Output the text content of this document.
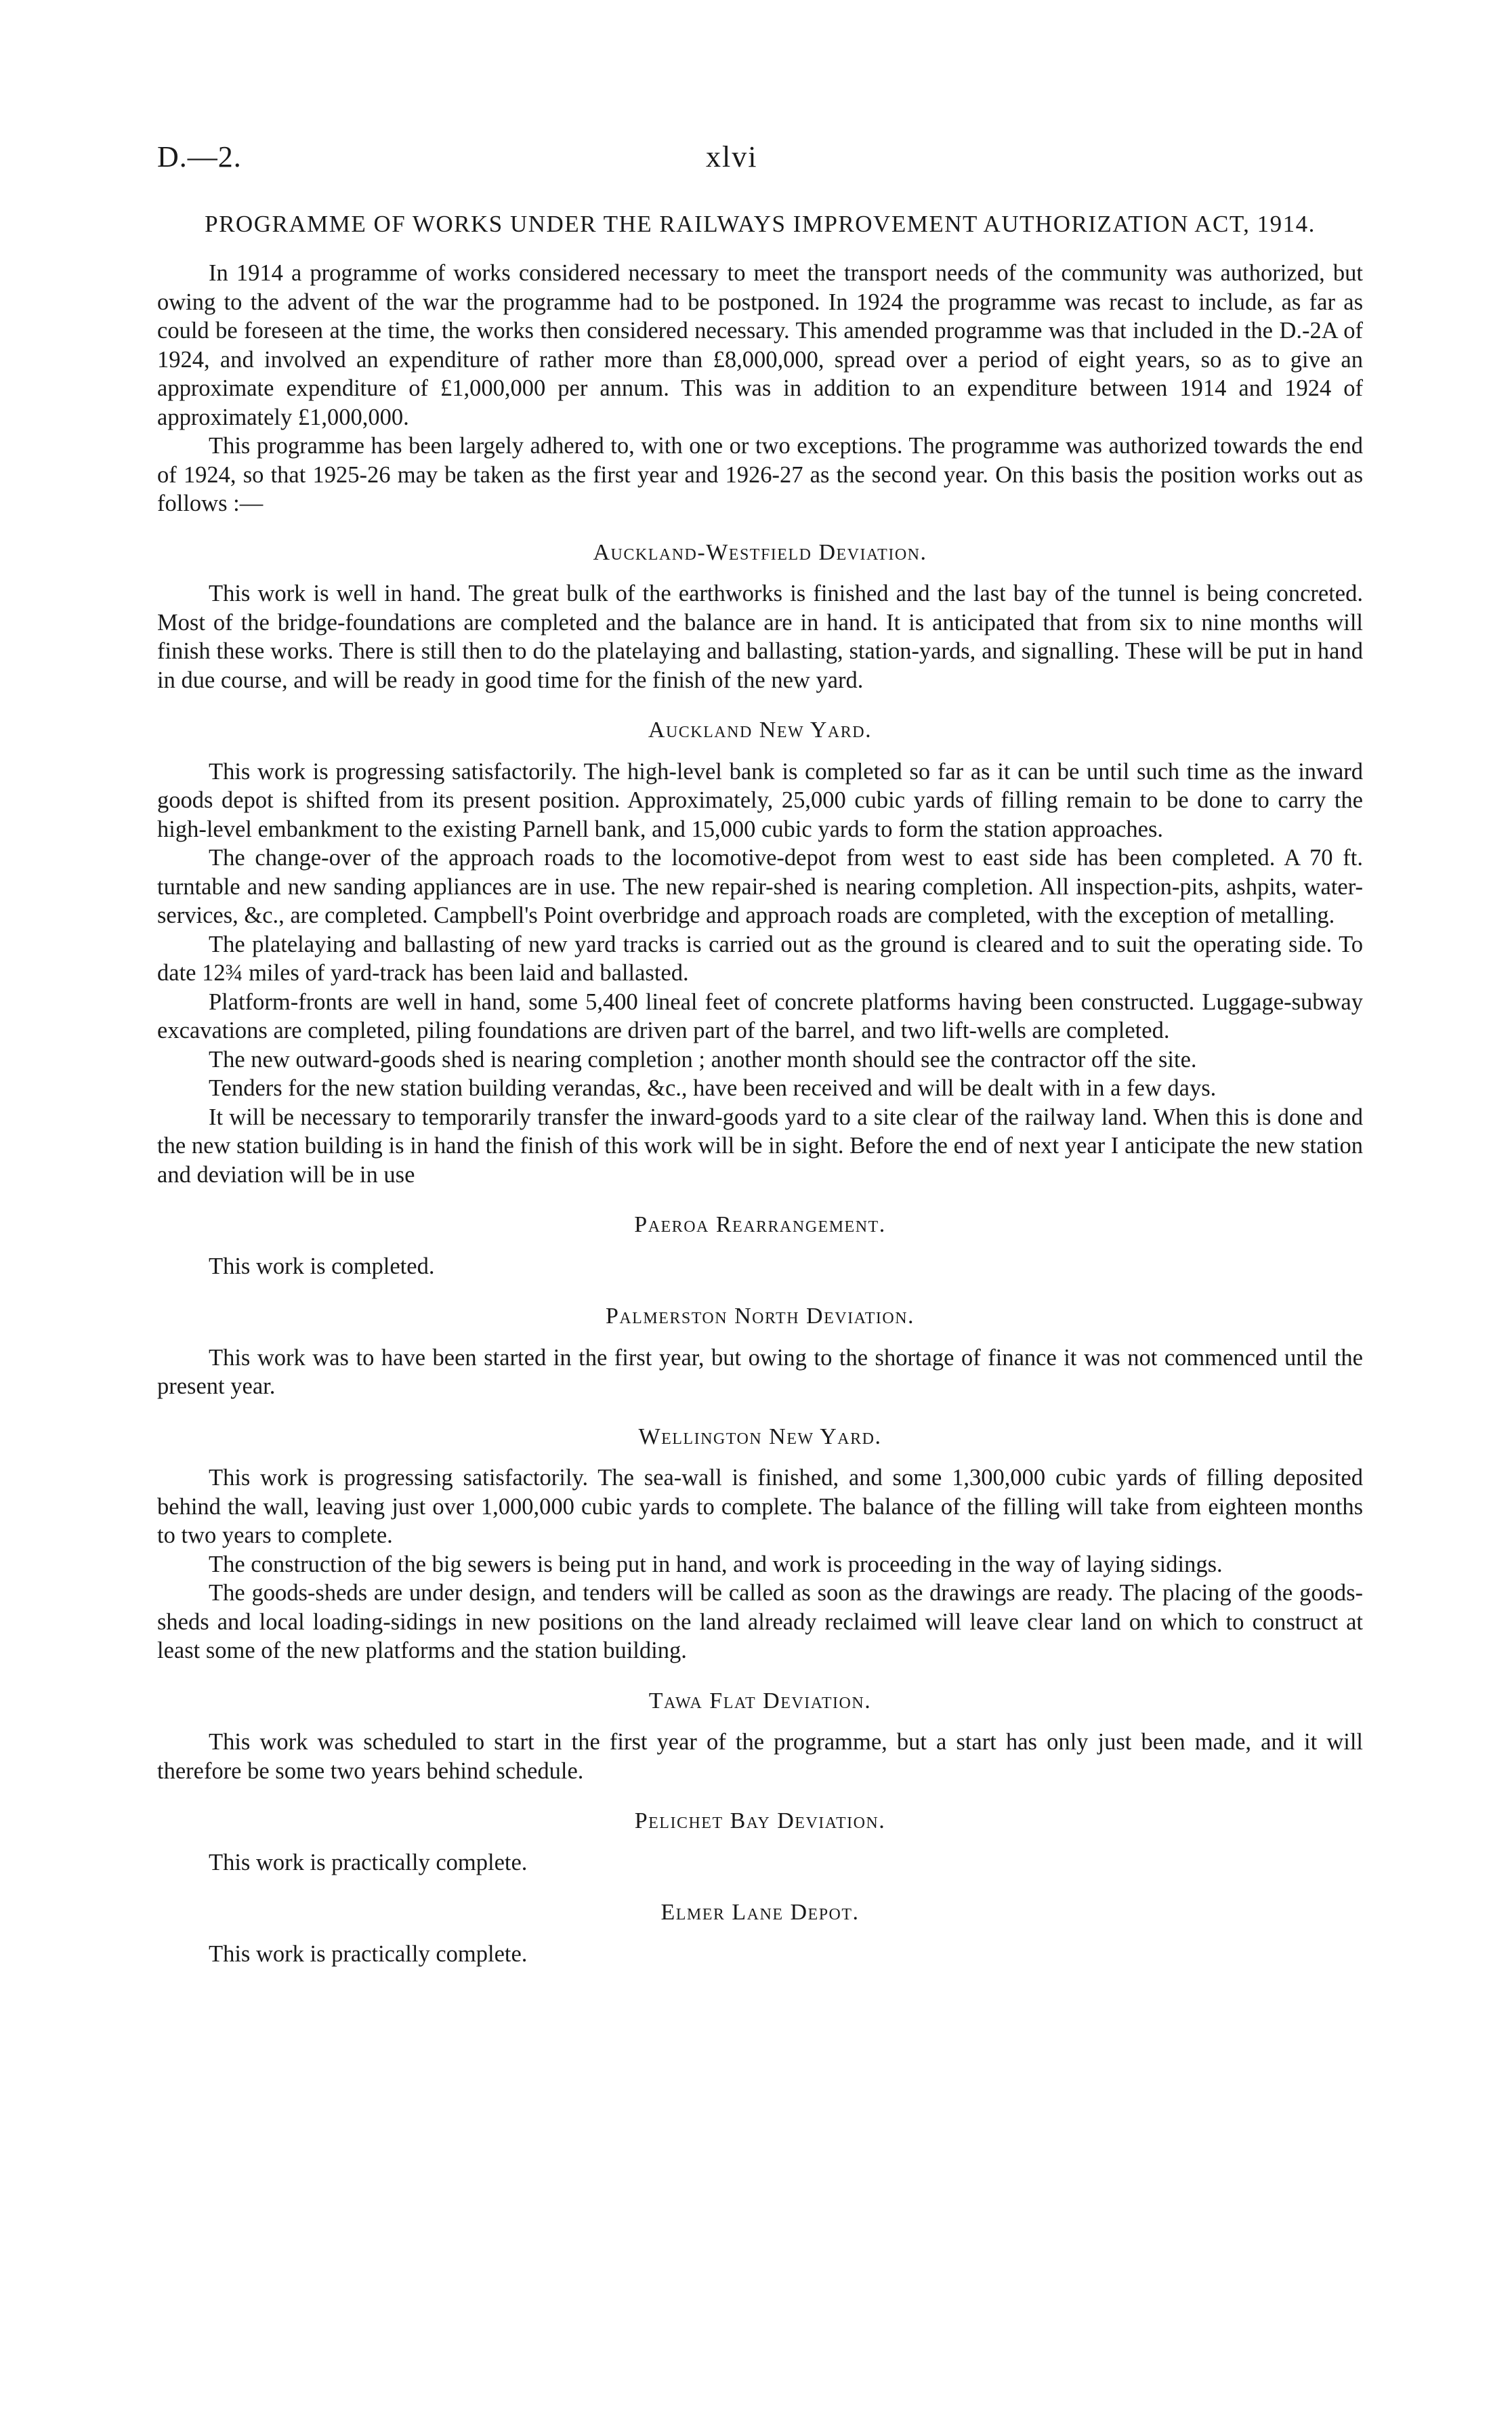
D.—2.	xlvi
PROGRAMME OF WORKS UNDER THE RAILWAYS IMPROVEMENT AUTHORIZATION ACT, 1914.

In 1914 a programme of works considered necessary to meet the transport needs of the community was authorized, but owing to the advent of the war the programme had to be postponed. In 1924 the programme was recast to include, as far as could be foreseen at the time, the works then considered necessary. This amended programme was that included in the D.-2A of 1924, and involved an expenditure of rather more than £8,000,000, spread over a period of eight years, so as to give an approximate expenditure of £1,000,000 per annum. This was in addition to an expenditure between 1914 and 1924 of approximately £1,000,000.

This programme has been largely adhered to, with one or two exceptions. The programme was authorized towards the end of 1924, so that 1925-26 may be taken as the first year and 1926-27 as the second year. On this basis the position works out as follows :—

Auckland-Westfield Deviation.

This work is well in hand. The great bulk of the earthworks is finished and the last bay of the tunnel is being concreted. Most of the bridge-foundations are completed and the balance are in hand. It is anticipated that from six to nine months will finish these works. There is still then to do the platelaying and ballasting, station-yards, and signalling. These will be put in hand in due course, and will be ready in good time for the finish of the new yard.

Auckland New Yard.

This work is progressing satisfactorily. The high-level bank is completed so far as it can be until such time as the inward goods depot is shifted from its present position. Approximately, 25,000 cubic yards of filling remain to be done to carry the high-level embankment to the existing Parnell bank, and 15,000 cubic yards to form the station approaches.

The change-over of the approach roads to the locomotive-depot from west to east side has been completed. A 70 ft. turntable and new sanding appliances are in use. The new repair-shed is nearing completion. All inspection-pits, ashpits, water-services, &c., are completed. Campbell's Point overbridge and approach roads are completed, with the exception of metalling.

The platelaying and ballasting of new yard tracks is carried out as the ground is cleared and to suit the operating side. To date 12¾ miles of yard-track has been laid and ballasted.

Platform-fronts are well in hand, some 5,400 lineal feet of concrete platforms having been constructed. Luggage-subway excavations are completed, piling foundations are driven part of the barrel, and two lift-wells are completed.

The new outward-goods shed is nearing completion ; another month should see the contractor off the site.

Tenders for the new station building verandas, &c., have been received and will be dealt with in a few days.

It will be necessary to temporarily transfer the inward-goods yard to a site clear of the railway land. When this is done and the new station building is in hand the finish of this work will be in sight. Before the end of next year I anticipate the new station and deviation will be in use

Paeroa Rearrangement.

This work is completed.

Palmerston North Deviation.

This work was to have been started in the first year, but owing to the shortage of finance it was not commenced until the present year.

Wellington New Yard.

This work is progressing satisfactorily. The sea-wall is finished, and some 1,300,000 cubic yards of filling deposited behind the wall, leaving just over 1,000,000 cubic yards to complete. The balance of the filling will take from eighteen months to two years to complete.

The construction of the big sewers is being put in hand, and work is proceeding in the way of laying sidings.

The goods-sheds are under design, and tenders will be called as soon as the drawings are ready. The placing of the goods-sheds and local loading-sidings in new positions on the land already reclaimed will leave clear land on which to construct at least some of the new platforms and the station building.

Tawa Flat Deviation.

This work was scheduled to start in the first year of the programme, but a start has only just been made, and it will therefore be some two years behind schedule.

Pelichet Bay Deviation.

This work is practically complete.

Elmer Lane Depot.

This work is practically complete.
